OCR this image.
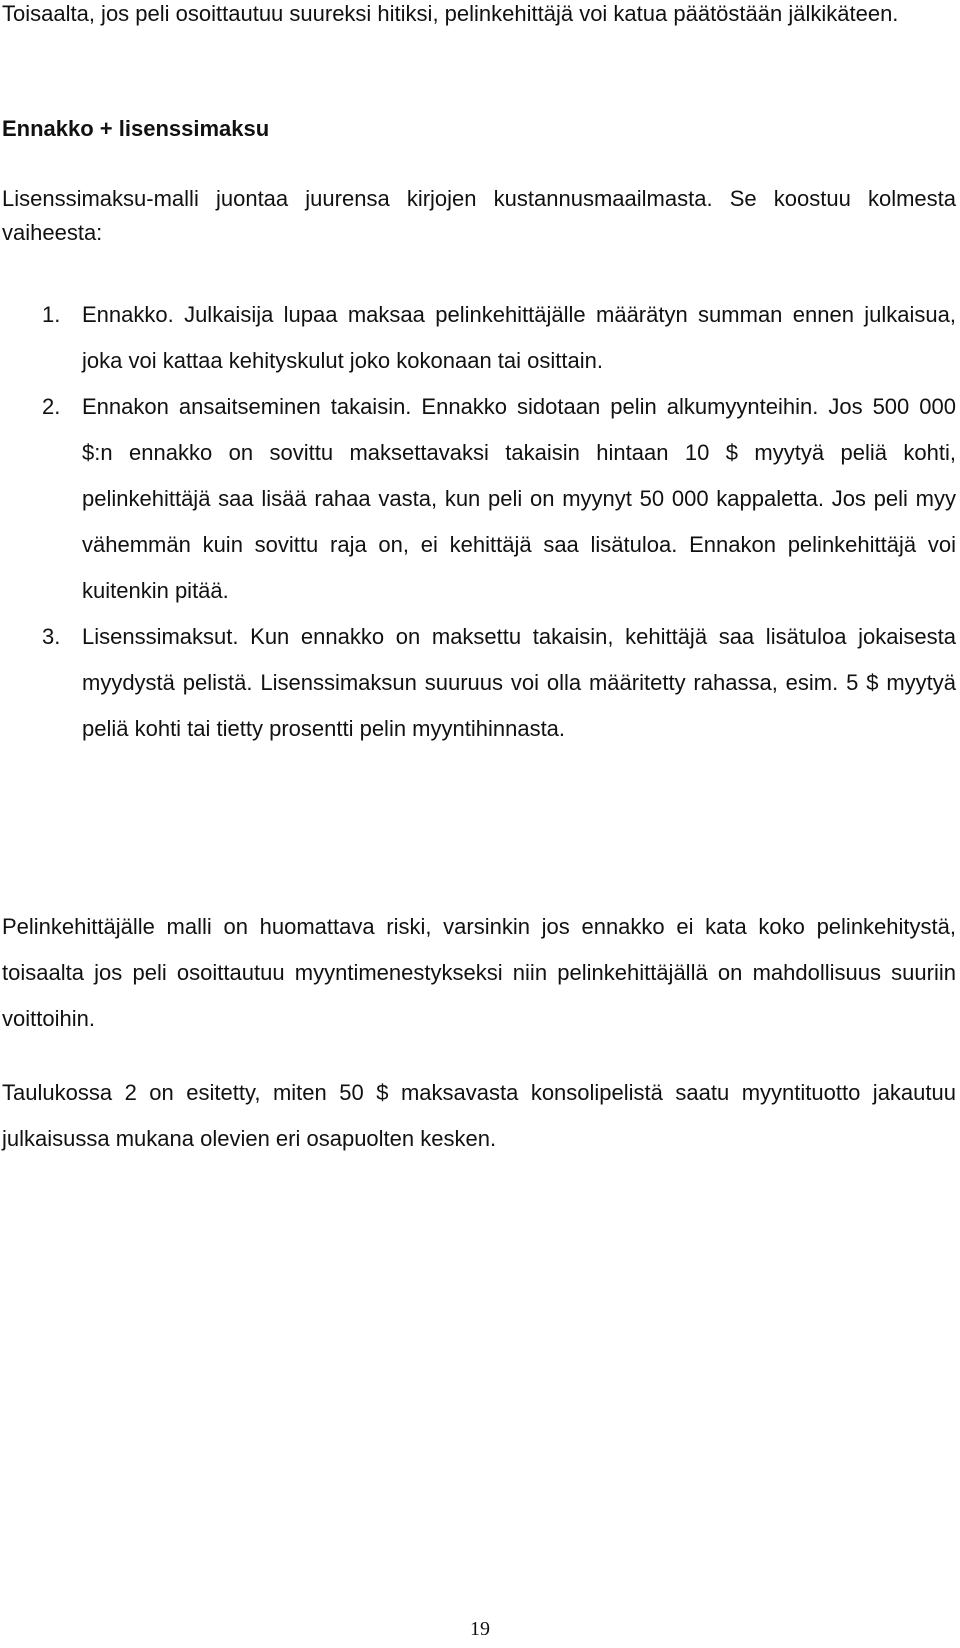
Toisaalta, jos peli osoittautuu suureksi hitiksi, pelinkehittäjä voi katua päätöstään jälkikäteen.

Ennakko + lisenssimaksu

Lisenssimaksu-malli juontaa juurensa kirjojen kustannusmaailmasta. Se koostuu kolmesta vaiheesta:

1. Ennakko. Julkaisija lupaa maksaa pelinkehittäjälle määrätyn summan ennen julkaisua, joka voi kattaa kehityskulut joko kokonaan tai osittain.
2. Ennakon ansaitseminen takaisin. Ennakko sidotaan pelin alkumyynteihin. Jos 500 000 $:n ennakko on sovittu maksettavaksi takaisin hintaan 10 $ myytyä peliä kohti, pelinkehittäjä saa lisää rahaa vasta, kun peli on myynyt 50 000 kappaletta. Jos peli myy vähemmän kuin sovittu raja on, ei kehittäjä saa lisätuloa. Ennakon pelinkehittäjä voi kuitenkin pitää.
3. Lisenssimaksut. Kun ennakko on maksettu takaisin, kehittäjä saa lisätuloa jokaisesta myydystä pelistä. Lisenssimaksun suuruus voi olla määritetty rahassa, esim. 5 $ myytyä peliä kohti tai tietty prosentti pelin myyntihinnasta.

Pelinkehittäjälle malli on huomattava riski, varsinkin jos ennakko ei kata koko pelinkehitystä, toisaalta jos peli osoittautuu myyntimenestykseksi niin pelinkehittäjällä on mahdollisuus suuriin voittoihin.

Taulukossa 2 on esitetty, miten 50 $ maksavasta konsolipelistä saatu myyntituotto jakautuu julkaisussa mukana olevien eri osapuolten kesken.

19
